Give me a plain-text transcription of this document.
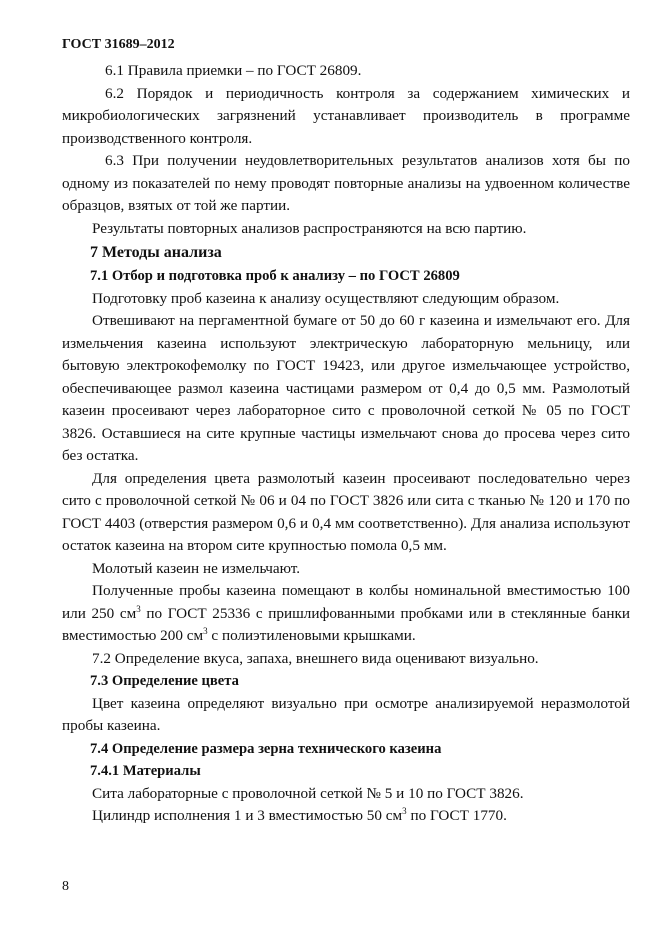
ГОСТ 31689–2012

6.1 Правила приемки – по ГОСТ 26809.

6.2 Порядок и периодичность контроля за содержанием химических и микробиологических загрязнений устанавливает производитель в программе производственного контроля.

6.3 При получении неудовлетворительных результатов анализов хотя бы по одному из показателей по нему проводят повторные анализы на удвоенном количестве образцов, взятых от той же партии.

Результаты повторных анализов распространяются на всю партию.

7 Методы анализа

7.1 Отбор и подготовка проб к анализу – по ГОСТ 26809

Подготовку проб казеина к анализу осуществляют следующим образом.

Отвешивают на пергаментной бумаге от 50 до 60 г казеина и измельчают его. Для измельчения казеина используют электрическую лабораторную мельницу, или бытовую электрокофемолку по ГОСТ 19423, или другое измельчающее устройство, обеспечивающее размол казеина частицами размером от 0,4 до 0,5 мм. Размолотый казеин просеивают через лабораторное сито с проволочной сеткой № 05 по ГОСТ 3826. Оставшиеся на сите крупные частицы измельчают снова до просева через сито без остатка.

Для определения цвета размолотый казеин просеивают последовательно через сито с проволочной сеткой № 06 и 04 по ГОСТ 3826 или сита с тканью № 120 и 170 по ГОСТ 4403 (отверстия размером 0,6 и 0,4 мм соответственно). Для анализа используют остаток казеина на втором сите крупностью помола 0,5 мм.

Молотый казеин не измельчают.

Полученные пробы казеина помещают в колбы номинальной вместимостью 100 или 250 $см^3$ по ГОСТ 25336 с пришлифованными пробками или в стеклянные банки вместимостью 200 $см^3$ с полиэтиленовыми крышками.

7.2 Определение вкуса, запаха, внешнего вида оценивают визуально.

7.3 Определение цвета

Цвет казеина определяют визуально при осмотре анализируемой неразмолотой пробы казеина.

7.4 Определение размера зерна технического казеина

7.4.1 Материалы

Сита лабораторные с проволочной сеткой № 5 и 10 по ГОСТ 3826.

Цилиндр исполнения 1 и 3 вместимостью 50 $см^3$ по ГОСТ 1770.

8
